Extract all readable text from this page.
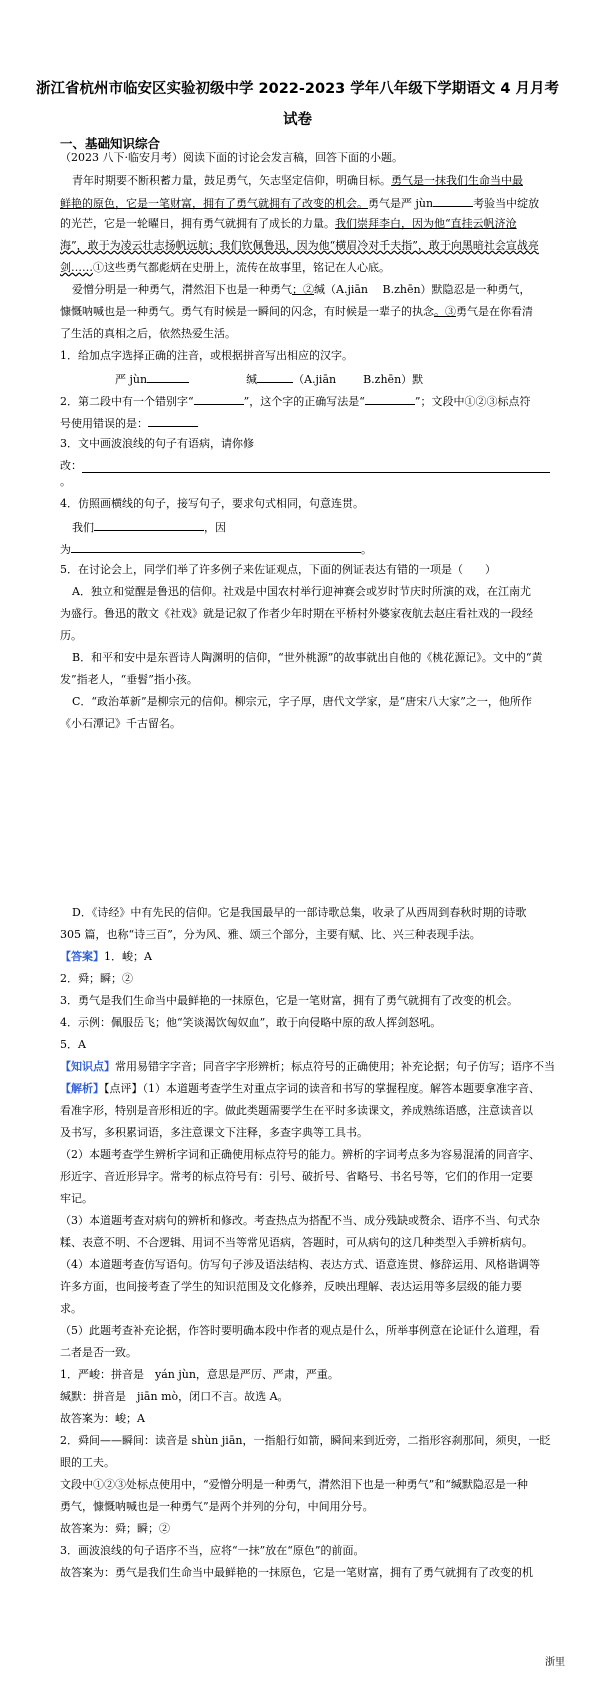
浙江省杭州市临安区实验初级中学 2022-2023 学年八年级下学期语文 4 月月考
试卷
一、基础知识综合
（2023 八下·临安月考）阅读下面的讨论会发言稿，回答下面的小题。
青年时期要不断积蓄力量，鼓足勇气，矢志坚定信仰，明确目标。勇气是一抹我们生命当中最
鲜艳的原色，它是一笔财富，拥有了勇气就拥有了改变的机会。勇气是严 jùn	考验当中绽放
的光芒，它是一轮曜日，拥有勇气就拥有了成长的力量。我们崇拜李白，因为他“直挂云帆济沧
海”，敢于为凌云壮志扬帆远航；我们钦佩鲁迅，因为他“横眉冷对千夫指”，敢于向黑暗社会宣战亮
剑……①这些勇气都彪炳在史册上，流传在故事里，铭记在人心底。
爱憎分明是一种勇气，潸然泪下也是一种勇气；②缄（A.jiān　 B.zhēn）默隐忍是一种勇气，
慷慨呐喊也是一种勇气。勇气有时候是一瞬间的闪念，有时候是一辈子的执念。③勇气是在你看清
了生活的真相之后，依然热爱生活。
1．给加点字选择正确的注音，或根据拼音写出相应的汉字。
严 jùn	缄	（A.jiān B.zhēn）默
2．第二段中有一个错别字“	”，这个字的正确写法是“	”；文段中①②③标点符
号使用错误的是：
3．文中画波浪线的句子有语病，请你修
改：
。
4．仿照画横线的句子，接写句子，要求句式相同，句意连贯。
我们	，因
为	。
5．在讨论会上，同学们举了许多例子来佐证观点，下面的例证表达有错的一项是（　　）
A．独立和觉醒是鲁迅的信仰。社戏是中国农村举行迎神赛会或岁时节庆时所演的戏，在江南尤
为盛行。鲁迅的散文《社戏》就是记叙了作者少年时期在平桥村外婆家夜航去赵庄看社戏的一段经
历。
B．和平和安中是东晋诗人陶渊明的信仰，“世外桃源”的故事就出自他的《桃花源记》。文中的“黄
发”指老人，“垂髫”指小孩。
C．“政治革新”是柳宗元的信仰。柳宗元，字子厚，唐代文学家，是“唐宋八大家”之一，他所作
《小石潭记》千古留名。
D．《诗经》中有先民的信仰。它是我国最早的一部诗歌总集，收录了从西周到春秋时期的诗歌
305 篇，也称“诗三百”，分为风、雅、颂三个部分，主要有赋、比、兴三种表现手法。
【答案】1．峻；A
2．舜；瞬；②
3．勇气是我们生命当中最鲜艳的一抹原色，它是一笔财富，拥有了勇气就拥有了改变的机会。
4．示例：佩服岳飞；他“笑谈渴饮匈奴血”，敢于向侵略中原的敌人挥剑怒吼。
5．A
【知识点】常用易错字字音；同音字字形辨析；标点符号的正确使用；补充论据；句子仿写；语序不当
【解析】【点评】（1）本道题考查学生对重点字词的读音和书写的掌握程度。解答本题要拿准字音、
看准字形，特别是音形相近的字。做此类题需要学生在平时多读课文，养成熟练语感，注意读音以
及书写，多积累词语，多注意课文下注释，多查字典等工具书。
（2）本题考查学生辨析字词和正确使用标点符号的能力。辨析的字词考点多为容易混淆的同音字、
形近字、音近形异字。常考的标点符号有：引号、破折号、省略号、书名号等，它们的作用一定要
牢记。
（3）本道题考查对病句的辨析和修改。考查热点为搭配不当、成分残缺或赘余、语序不当、句式杂
糅、表意不明、不合逻辑、用词不当等常见语病，答题时，可从病句的这几种类型入手辨析病句。
（4）本道题考查仿写语句。仿写句子涉及语法结构、表达方式、语意连贯、修辞运用、风格谐调等
许多方面，也间接考查了学生的知识范围及文化修养，反映出理解、表达运用等多层级的能力要
求。
（5）此题考查补充论据，作答时要明确本段中作者的观点是什么，所举事例意在论证什么道理，看
二者是否一致。
1．严峻：拼音是　yán jùn，意思是严厉、严肃，严重。
缄默：拼音是　jiān mò，闭口不言。故选 A。
故答案为：峻；A
2．舜间——瞬间：读音是 shùn jiān，一指船行如箭，瞬间来到近旁，二指形容刹那间，须臾，一眨
眼的工夫。
文段中①②③处标点使用中，“爱憎分明是一种勇气，潸然泪下也是一种勇气”和“缄默隐忍是一种
勇气，慷慨呐喊也是一种勇气”是两个并列的分句，中间用分号。
故答案为：舜；瞬；②
3．画波浪线的句子语序不当，应将“一抹”放在“原色”的前面。
故答案为：勇气是我们生命当中最鲜艳的一抹原色，它是一笔财富，拥有了勇气就拥有了改变的机
浙里
